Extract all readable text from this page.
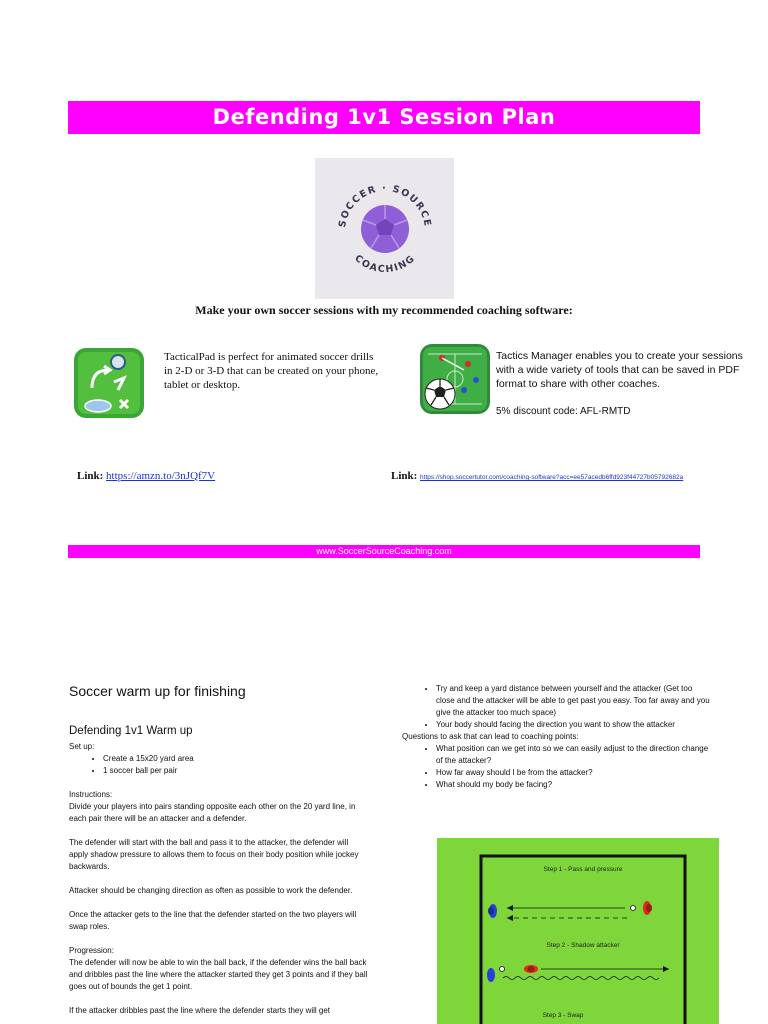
Defending 1v1 Session Plan
SOCCER · SOURCE
COACHING
Make your own soccer sessions with my recommended coaching software:
TacticalPad is perfect for animated soccer drills in 2-D or 3-D that can be created on your phone, tablet or desktop.
Tactics Manager enables you to create your sessions with a wide variety of tools that can be saved in PDF format to share with other coaches.
5% discount code: AFL-RMTD
Link: https://amzn.to/3nJQf7V	Link: https://shop.soccertutor.com/coaching-software?acc=ee57acedb6ffd923f44727b05792682a
www.SoccerSourceCoaching.com
Soccer warm up for finishing
Defending 1v1 Warm up
Set up:
• Create a 15x20 yard area
• 1 soccer ball per pair
Instructions:

Divide your players into pairs standing opposite each other on the 20 yard line, in each pair there will be an attacker and a defender.

The defender will start with the ball and pass it to the attacker, the defender will apply shadow pressure to allows them to focus on their body position while jockey backwards.

Attacker should be changing direction as often as possible to work the defender.

Once the attacker gets to the line that the defender started on the two players will swap roles.

Progression:

The defender will now be able to win the ball back, if the defender wins the ball back and dribbles past the line where the attacker started they get 3 points and if they ball goes out of bounds the get 1 point.

If the attacker dribbles past the line where the defender starts they will get
• Try and keep a yard distance between yourself and the attacker (Get too close and the attacker will be able to get past you easy. Too far away and you give the attacker too much space)
• Your body should facing the direction you want to show the attacker
Questions to ask that can lead to coaching points:
• What position can we get into so we can easily adjust to the direction change of the attacker?
• How far away should I be from the attacker?
• What should my body be facing?
Step 1 - Pass and pressure
Step 2 - Shadow attacker
Step 3 - Swap
